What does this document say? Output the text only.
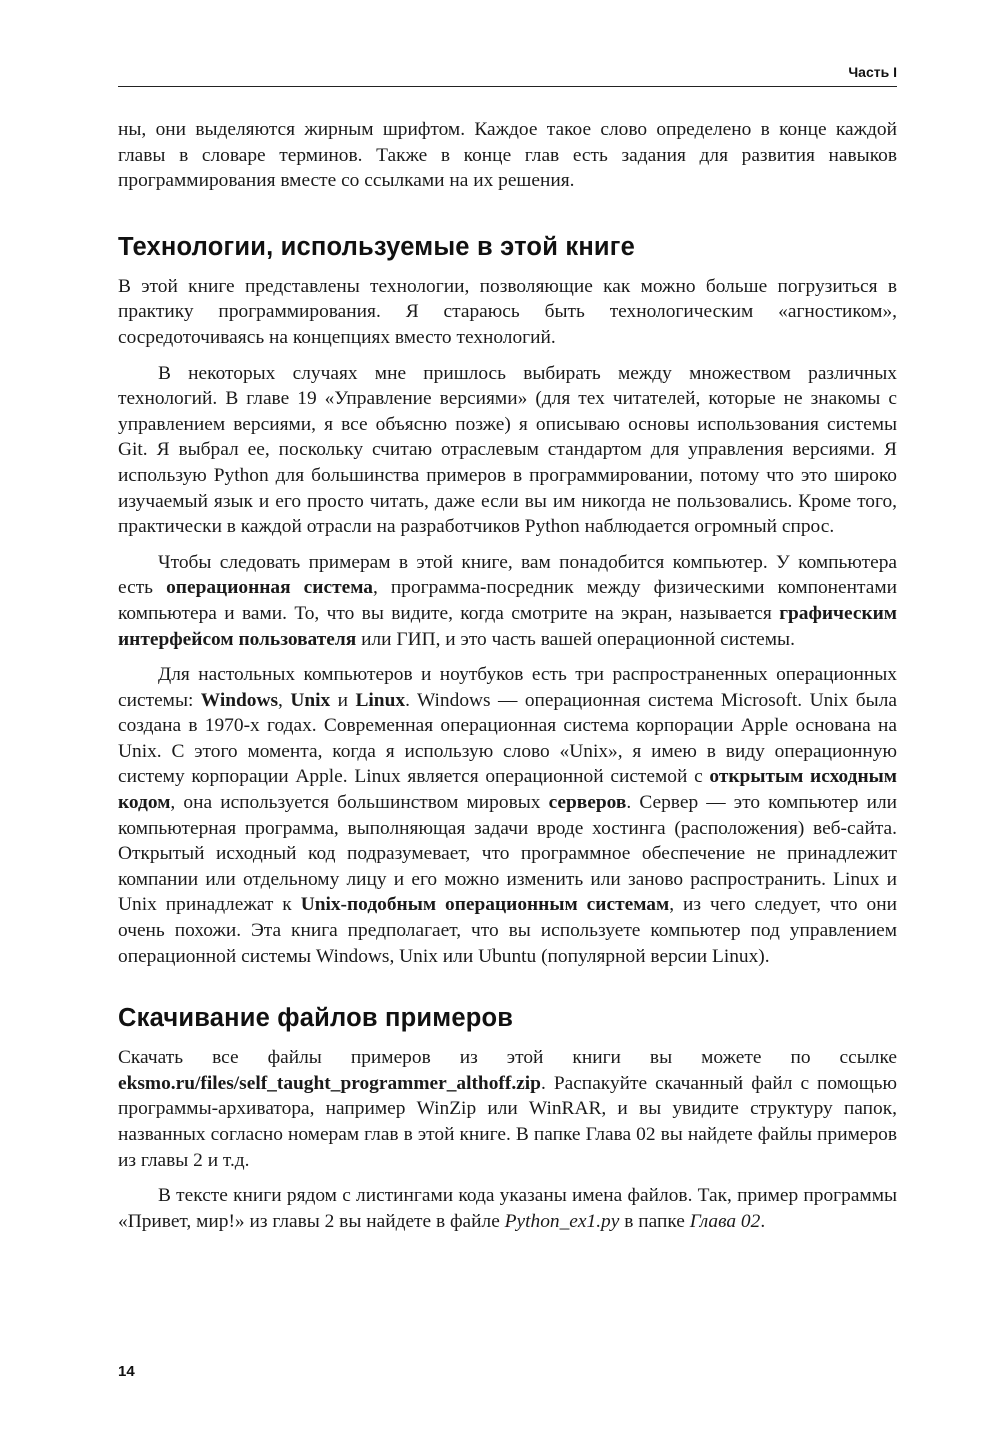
Часть I

ны, они выделяются жирным шрифтом. Каждое такое слово определено в конце каждой главы в словаре терминов. Также в конце глав есть задания для развития навыков программирования вместе со ссылками на их решения.

Технологии, используемые в этой книге

В этой книге представлены технологии, позволяющие как можно больше погрузиться в практику программирования. Я стараюсь быть технологическим «агностиком», сосредоточиваясь на концепциях вместо технологий.

В некоторых случаях мне пришлось выбирать между множеством различных технологий. В главе 19 «Управление версиями» (для тех читателей, которые не знакомы с управлением версиями, я все объясню позже) я описываю основы использования системы Git. Я выбрал ее, поскольку считаю отраслевым стандартом для управления версиями. Я использую Python для большинства примеров в программировании, потому что это широко изучаемый язык и его просто читать, даже если вы им никогда не пользовались. Кроме того, практически в каждой отрасли на разработчиков Python наблюдается огромный спрос.

Чтобы следовать примерам в этой книге, вам понадобится компьютер. У компьютера есть операционная система, программа-посредник между физическими компонентами компьютера и вами. То, что вы видите, когда смотрите на экран, называется графическим интерфейсом пользователя или ГИП, и это часть вашей операционной системы.

Для настольных компьютеров и ноутбуков есть три распространенных операционных системы: Windows, Unix и Linux. Windows — операционная система Microsoft. Unix была создана в 1970-х годах. Современная операционная система корпорации Apple основана на Unix. С этого момента, когда я использую слово «Unix», я имею в виду операционную систему корпорации Apple. Linux является операционной системой с открытым исходным кодом, она используется большинством мировых серверов. Сервер — это компьютер или компьютерная программа, выполняющая задачи вроде хостинга (расположения) веб-сайта. Открытый исходный код подразумевает, что программное обеспечение не принадлежит компании или отдельному лицу и его можно изменить или заново распространить. Linux и Unix принадлежат к Unix-подобным операционным системам, из чего следует, что они очень похожи. Эта книга предполагает, что вы используете компьютер под управлением операционной системы Windows, Unix или Ubuntu (популярной версии Linux).

Скачивание файлов примеров

Скачать все файлы примеров из этой книги вы можете по ссылке eksmo.ru/files/self_taught_programmer_althoff.zip. Распакуйте скачанный файл с помощью программы-архиватора, например WinZip или WinRAR, и вы увидите структуру папок, названных согласно номерам глав в этой книге. В папке Глава 02 вы найдете файлы примеров из главы 2 и т.д.

В тексте книги рядом с листингами кода указаны имена файлов. Так, пример программы «Привет, мир!» из главы 2 вы найдете в файле Python_ex1.py в папке Глава 02.

14
